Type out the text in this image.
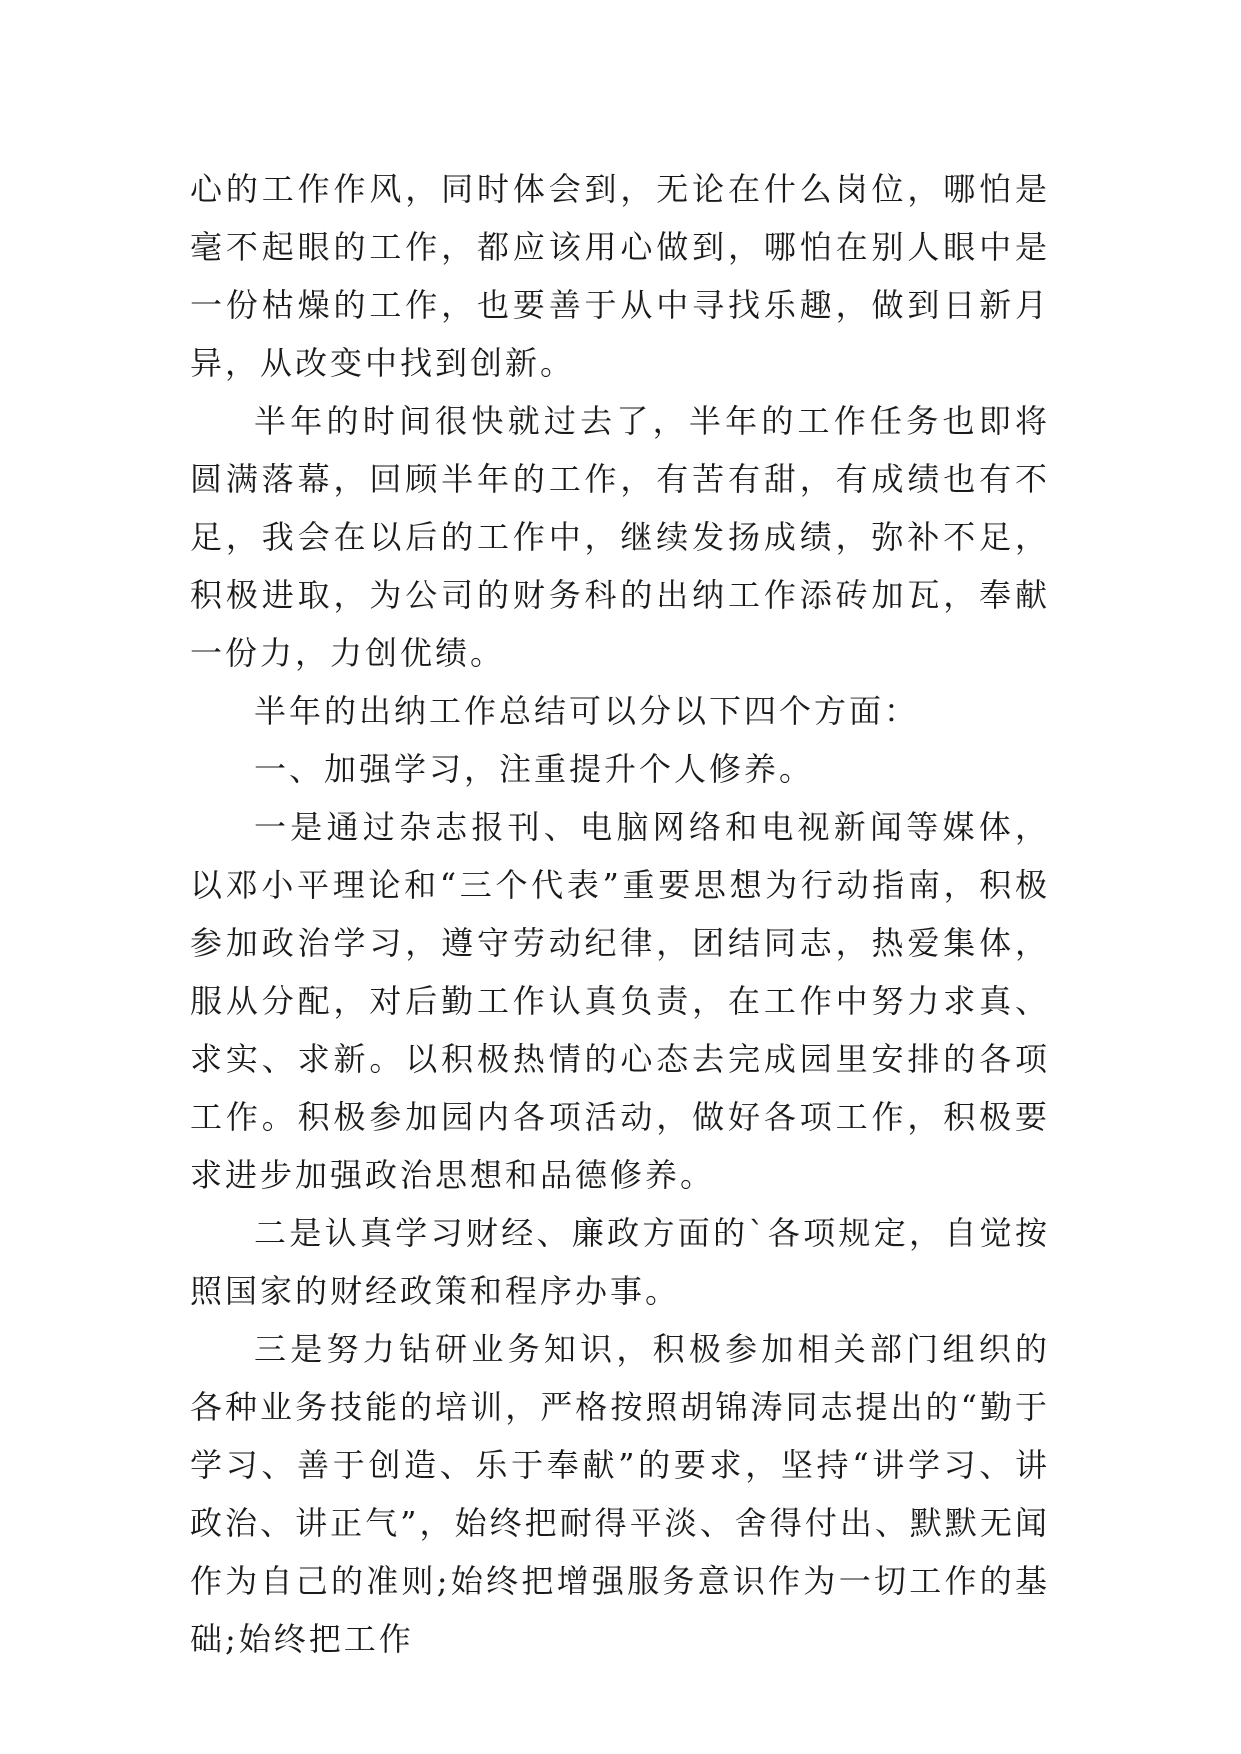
心的工作作风，同时体会到，无论在什么岗位，哪怕是毫不起眼的工作，都应该用心做到，哪怕在别人眼中是一份枯燥的工作，也要善于从中寻找乐趣，做到日新月异，从改变中找到创新。

半年的时间很快就过去了，半年的工作任务也即将圆满落幕，回顾半年的工作，有苦有甜，有成绩也有不足，我会在以后的工作中，继续发扬成绩，弥补不足，积极进取，为公司的财务科的出纳工作添砖加瓦，奉献一份力，力创优绩。

半年的出纳工作总结可以分以下四个方面：

一、加强学习，注重提升个人修养。

一是通过杂志报刊、电脑网络和电视新闻等媒体，以邓小平理论和“三个代表”重要思想为行动指南，积极参加政治学习，遵守劳动纪律，团结同志，热爱集体，服从分配，对后勤工作认真负责，在工作中努力求真、求实、求新。以积极热情的心态去完成园里安排的各项工作。积极参加园内各项活动，做好各项工作，积极要求进步加强政治思想和品德修养。

二是认真学习财经、廉政方面的`各项规定，自觉按照国家的财经政策和程序办事。

三是努力钻研业务知识，积极参加相关部门组织的各种业务技能的培训，严格按照胡锦涛同志提出的“勤于学习、善于创造、乐于奉献”的要求，坚持“讲学习、讲政治、讲正气”，始终把耐得平淡、舍得付出、默默无闻作为自己的准则;始终把增强服务意识作为一切工作的基础;始终把工作
